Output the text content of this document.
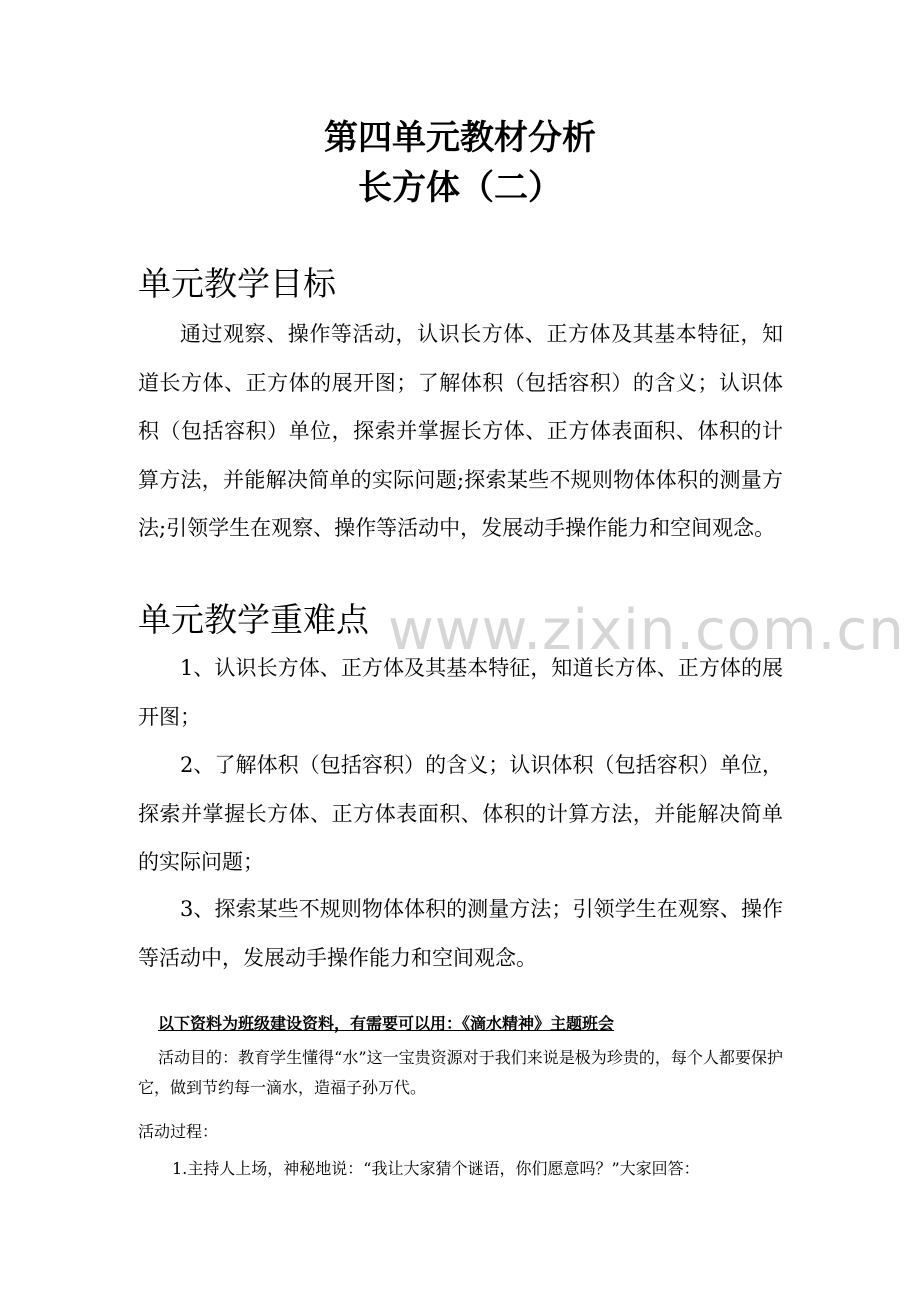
第四单元教材分析
长方体（二）
单元教学目标
通过观察、操作等活动，认识长方体、正方体及其基本特征，知道长方体、正方体的展开图；了解体积（包括容积）的含义；认识体积（包括容积）单位，探索并掌握长方体、正方体表面积、体积的计算方法，并能解决简单的实际问题;探索某些不规则物体体积的测量方法;引领学生在观察、操作等活动中，发展动手操作能力和空间观念。
www.zixin.com.cn
单元教学重难点
1、认识长方体、正方体及其基本特征，知道长方体、正方体的展开图；
2、了解体积（包括容积）的含义；认识体积（包括容积）单位，探索并掌握长方体、正方体表面积、体积的计算方法，并能解决简单的实际问题；
3、探索某些不规则物体体积的测量方法；引领学生在观察、操作等活动中，发展动手操作能力和空间观念。
以下资料为班级建设资料，有需要可以用：《滴水精神》主题班会
活动目的：教育学生懂得“水”这一宝贵资源对于我们来说是极为珍贵的，每个人都要保护它，做到节约每一滴水，造福子孙万代。
活动过程：
1.主持人上场，神秘地说：“我让大家猜个谜语，你们愿意吗？”大家回答：
